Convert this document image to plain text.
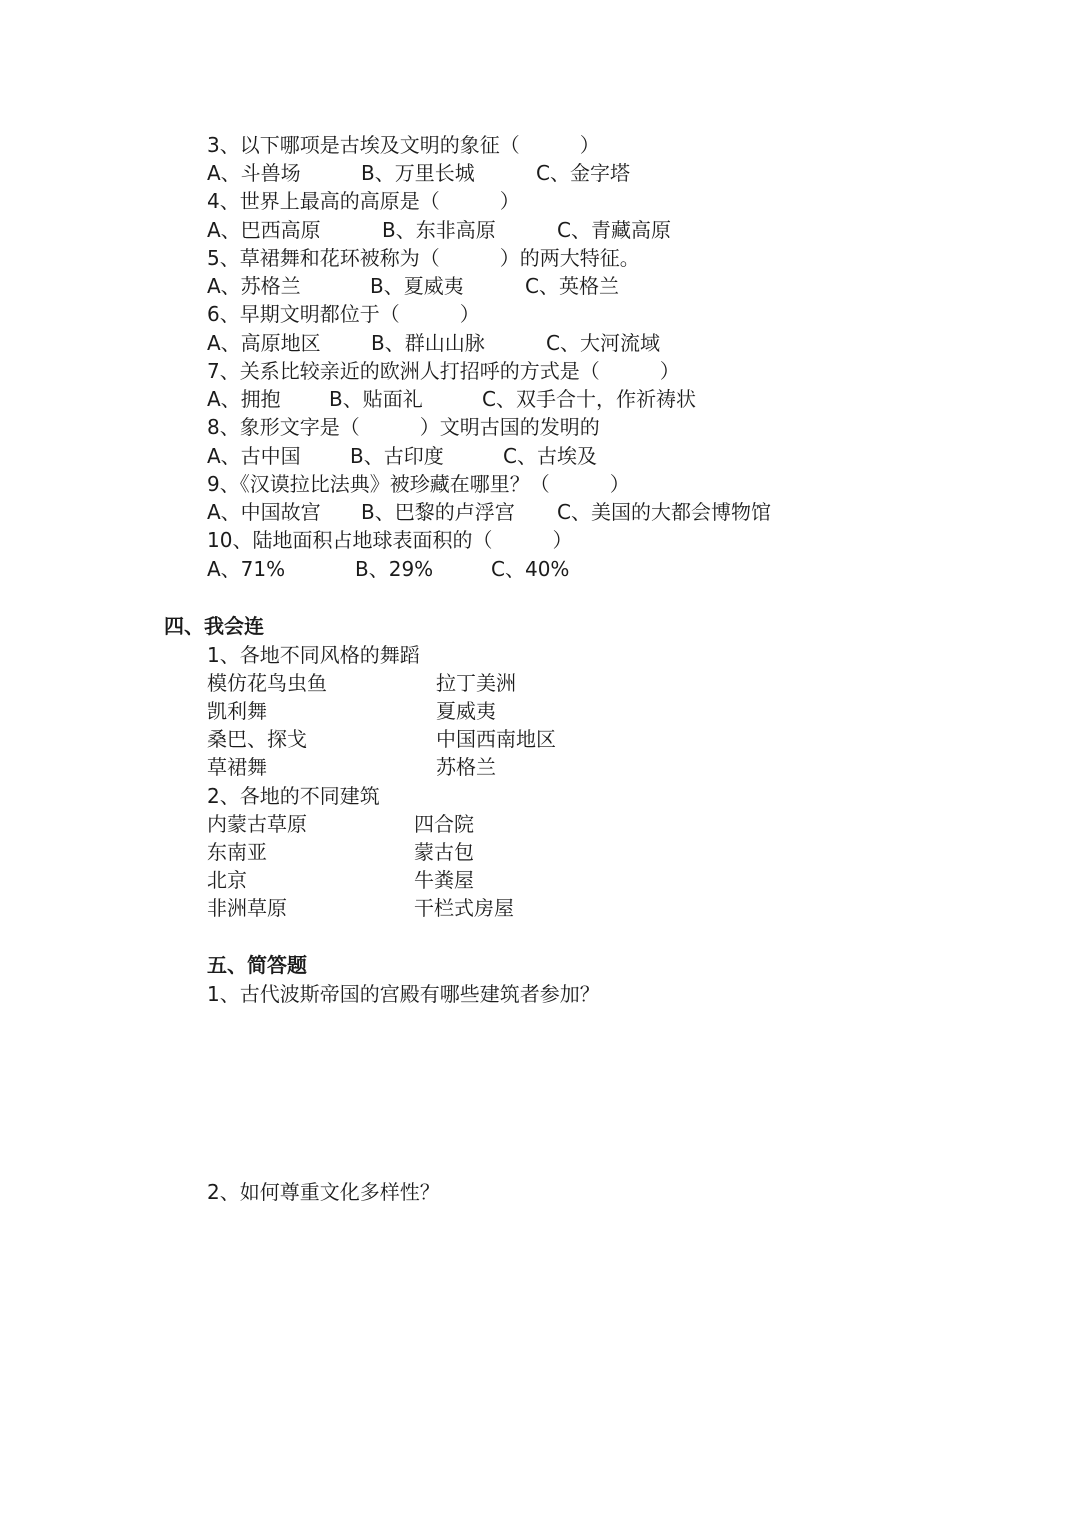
3、以下哪项是古埃及文明的象征（　　　）
A、斗兽场	B、万里长城	C、金字塔
4、世界上最高的高原是（　　　）
A、巴西高原	B、东非高原	C、青藏高原
5、草裙舞和花环被称为（　　　）的两大特征。
A、苏格兰	B、夏威夷	C、英格兰
6、早期文明都位于（　　　）
A、高原地区	B、群山山脉	C、大河流域
7、关系比较亲近的欧洲人打招呼的方式是（　　　）
A、拥抱 B、贴面礼	C、双手合十，作祈祷状
8、象形文字是（　　　）文明古国的发明的
A、古中国 B、古印度	C、古埃及
9、《汉谟拉比法典》被珍藏在哪里？（　　　）
A、中国故宫 B、巴黎的卢浮宫 C、美国的大都会博物馆
10、陆地面积占地球表面积的（　　　）
A、71%	B、29%	C、40%
四、我会连
1、各地不同风格的舞蹈
模仿花鸟虫鱼	拉丁美洲
凯利舞	夏威夷
桑巴、探戈	中国西南地区
草裙舞	苏格兰
2、各地的不同建筑
内蒙古草原	四合院
东南亚	蒙古包
北京	牛粪屋
非洲草原	干栏式房屋
五、简答题
1、古代波斯帝国的宫殿有哪些建筑者参加？
2、如何尊重文化多样性？
